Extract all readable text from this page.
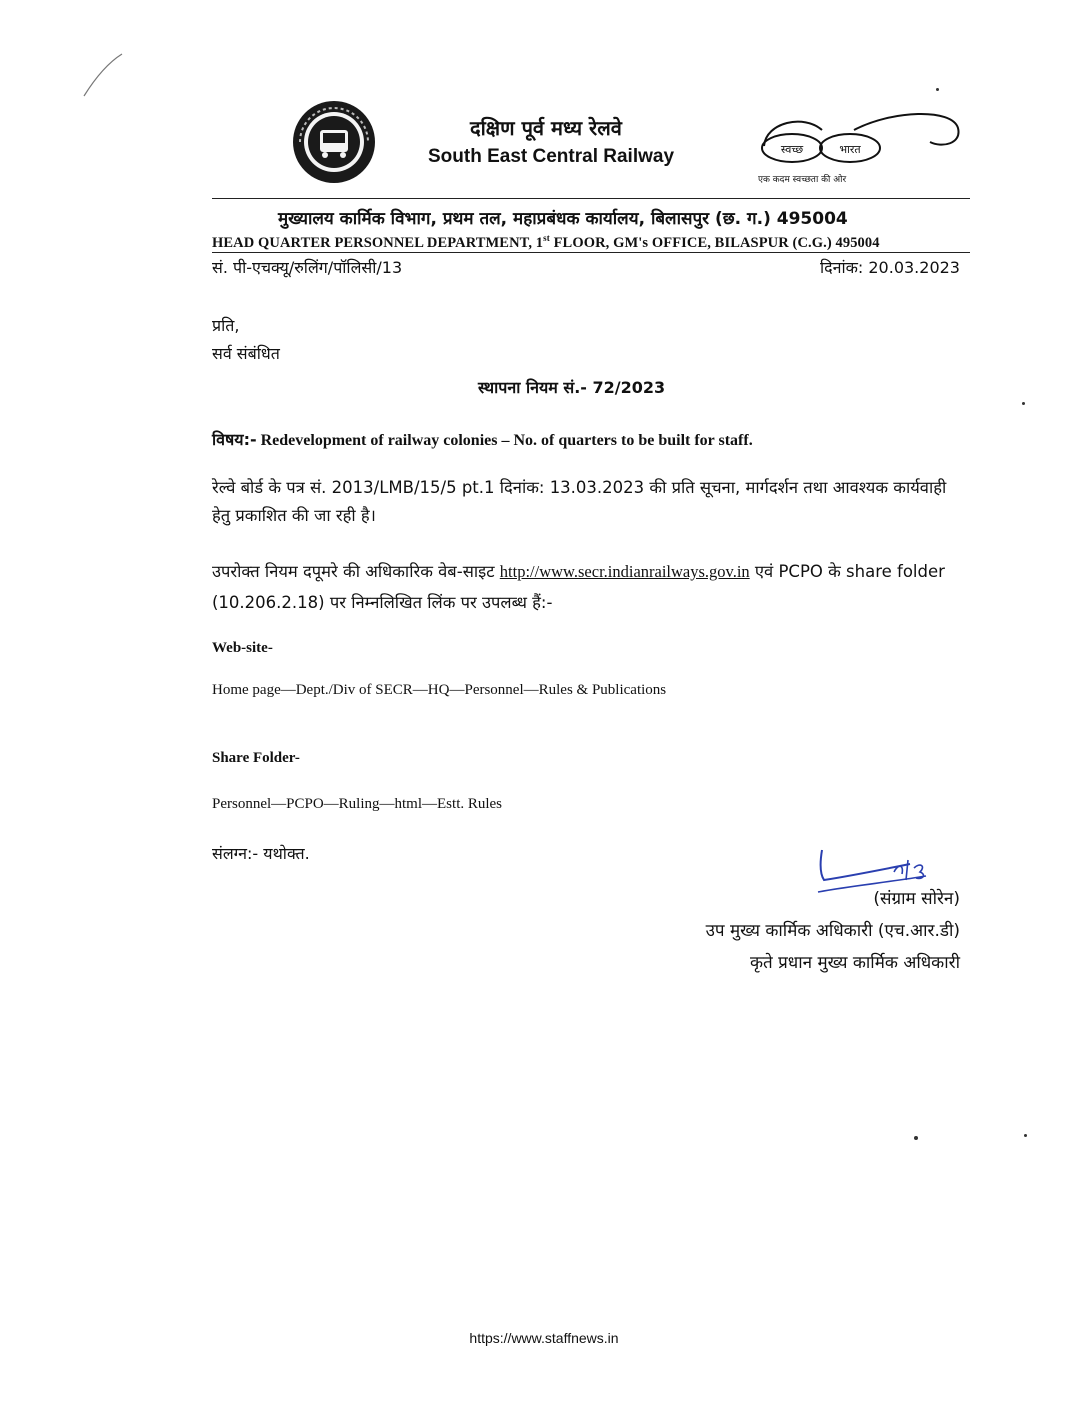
दक्षिण पूर्व मध्य रेलवे
South East Central Railway	स्वच्छ	भारत
एक कदम स्वच्छता की ओर
मुख्यालय कार्मिक विभाग, प्रथम तल, महाप्रबंधक कार्यालय, बिलासपुर (छ. ग.) 495004
HEAD QUARTER PERSONNEL DEPARTMENT, 1st FLOOR, GM's OFFICE, BILASPUR (C.G.) 495004
सं. पी-एचक्यू/रुलिंग/पॉलिसी/13	दिनांक: 20.03.2023
प्रति,
सर्व संबंधित
स्थापना नियम सं.- 72/2023
विषय:- Redevelopment of railway colonies – No. of quarters to be built for staff.
रेल्वे बोर्ड के पत्र सं. 2013/LMB/15/5 pt.1 दिनांक: 13.03.2023 की प्रति सूचना, मार्गदर्शन तथा आवश्यक कार्यवाही हेतु प्रकाशित की जा रही है।
उपरोक्त नियम दपूमरे की अधिकारिक वेब-साइट http://www.secr.indianrailways.gov.in एवं PCPO के share folder (10.206.2.18) पर निम्नलिखित लिंक पर उपलब्ध हैं:-
Web-site-
Home page—Dept./Div of SECR—HQ—Personnel—Rules & Publications
Share Folder-
Personnel—PCPO—Ruling—html—Estt. Rules
संलग्न:- यथोक्त.
(संग्राम सोरेन)
उप मुख्य कार्मिक अधिकारी (एच.आर.डी)
कृते प्रधान मुख्य कार्मिक अधिकारी
https://www.staffnews.in
